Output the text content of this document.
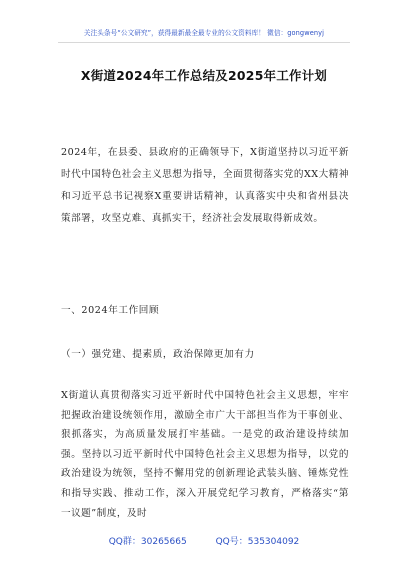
关注头条号“公文研究”，获得最新最全最专业的公文资料库！ 微信：gongwenyj
X街道2024年工作总结及2025年工作计划

2024年，在县委、县政府的正确领导下，X街道坚持以习近平新时代中国特色社会主义思想为指导，全面贯彻落实党的XX大精神和习近平总书记视察X重要讲话精神，认真落实中央和省州县决策部署，攻坚克难、真抓实干，经济社会发展取得新成效。

一、2024年工作回顾

（一）强党建、提素质，政治保障更加有力

X街道认真贯彻落实习近平新时代中国特色社会主义思想，牢牢把握政治建设统领作用，激励全市广大干部担当作为干事创业、狠抓落实，为高质量发展打牢基础。一是党的政治建设持续加强。坚持以习近平新时代中国特色社会主义思想为指导，以党的政治建设为统领，坚持不懈用党的创新理论武装头脑、锤炼党性和指导实践、推动工作，深入开展党纪学习教育，严格落实“第一议题”制度，及时

QQ群：30265665	QQ号：535304092
